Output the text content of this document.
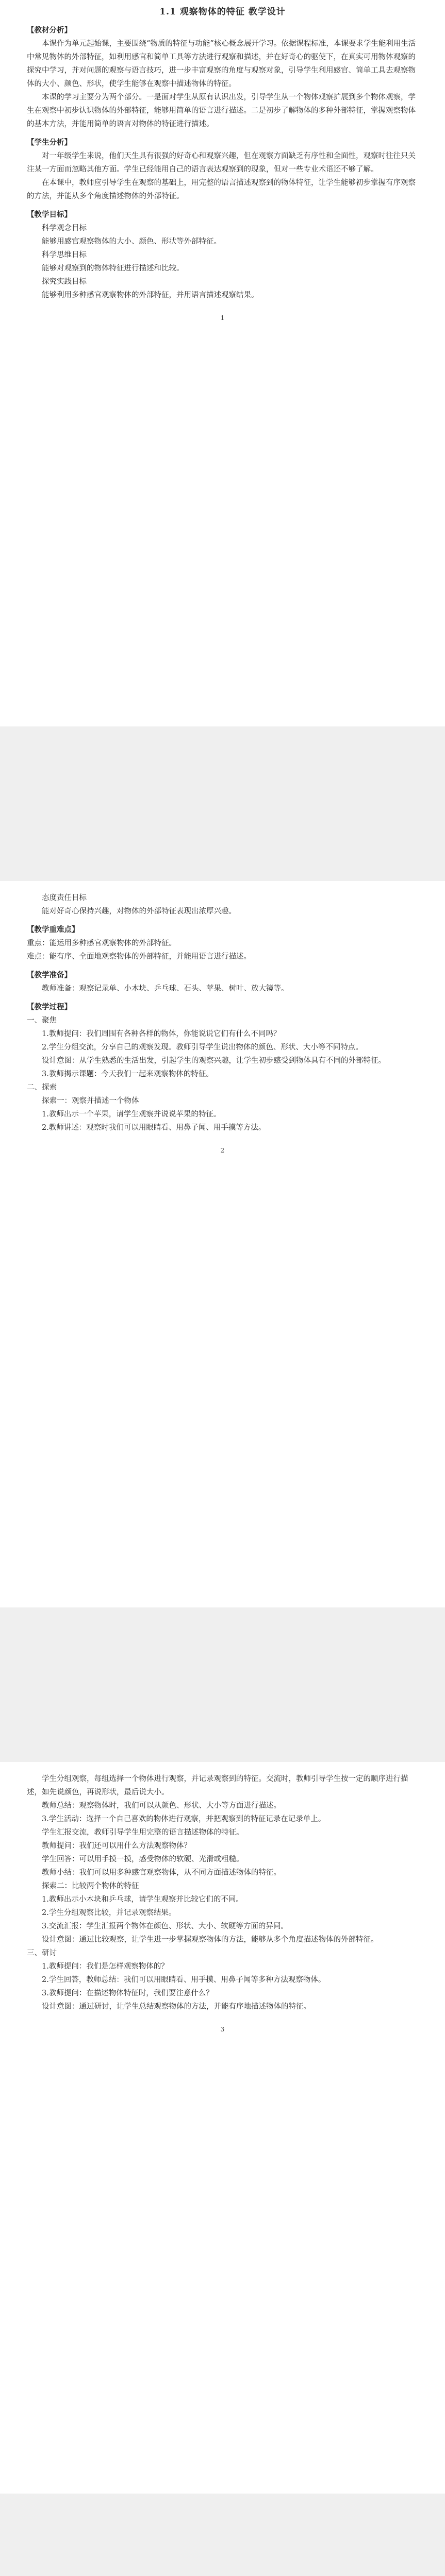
1.1 观察物体的特征 教学设计
【教材分析】

本课作为单元起始课，主要围绕“物质的特征与功能”核心概念展开学习。依据课程标准，本课要求学生能利用生活中常见物体的外部特征，如利用感官和简单工具等方法进行观察和描述，并在好奇心的驱使下，在真实可用物体观察的探究中学习，并对问题的观察与语言技巧，进一步丰富观察的角度与观察对象，引导学生利用感官、简单工具去观察物体的大小、颜色、形状，使学生能够在观察中描述物体的特征。

本课的学习主要分为两个部分。一是面对学生从原有认识出发，引导学生从一个物体观察扩展到多个物体观察，学生在观察中初步认识物体的外部特征，能够用简单的语言进行描述。二是初步了解物体的多种外部特征，掌握观察物体的基本方法，并能用简单的语言对物体的特征进行描述。

【学生分析】

对一年级学生来说，他们天生具有很强的好奇心和观察兴趣，但在观察方面缺乏有序性和全面性，观察时往往只关注某一方面而忽略其他方面。学生已经能用自己的语言表达观察到的现象，但对一些专业术语还不够了解。

在本课中，教师应引导学生在观察的基础上，用完整的语言描述观察到的物体特征，让学生能够初步掌握有序观察的方法，并能从多个角度描述物体的外部特征。

【教学目标】

科学观念目标

能够用感官观察物体的大小、颜色、形状等外部特征。

科学思维目标

能够对观察到的物体特征进行描述和比较。

探究实践目标

能够利用多种感官观察物体的外部特征，并用语言描述观察结果。

1

态度责任目标

能对好奇心保持兴趣，对物体的外部特征表现出浓厚兴趣。

【教学重难点】

重点：能运用多种感官观察物体的外部特征。

难点：能有序、全面地观察物体的外部特征，并能用语言进行描述。

【教学准备】

教师准备：观察记录单、小木块、乒乓球、石头、苹果、树叶、放大镜等。

【教学过程】

一、聚焦

1.教师提问：我们周围有各种各样的物体，你能说说它们有什么不同吗？

2.学生分组交流，分享自己的观察发现。教师引导学生说出物体的颜色、形状、大小等不同特点。

设计意图：从学生熟悉的生活出发，引起学生的观察兴趣，让学生初步感受到物体具有不同的外部特征。

3.教师揭示课题：今天我们一起来观察物体的特征。

二、探索

探索一：观察并描述一个物体

1.教师出示一个苹果，请学生观察并说说苹果的特征。

2.教师讲述：观察时我们可以用眼睛看、用鼻子闻、用手摸等方法。

2

学生分组观察，每组选择一个物体进行观察，并记录观察到的特征。交流时，教师引导学生按一定的顺序进行描述，如先说颜色，再说形状，最后说大小。

教师总结：观察物体时，我们可以从颜色、形状、大小等方面进行描述。

3.学生活动：选择一个自己喜欢的物体进行观察，并把观察到的特征记录在记录单上。

学生汇报交流，教师引导学生用完整的语言描述物体的特征。

教师提问：我们还可以用什么方法观察物体？

学生回答：可以用手摸一摸，感受物体的软硬、光滑或粗糙。

教师小结：我们可以用多种感官观察物体，从不同方面描述物体的特征。

探索二：比较两个物体的特征

1.教师出示小木块和乒乓球，请学生观察并比较它们的不同。

2.学生分组观察比较，并记录观察结果。

3.交流汇报：学生汇报两个物体在颜色、形状、大小、软硬等方面的异同。

设计意图：通过比较观察，让学生进一步掌握观察物体的方法，能够从多个角度描述物体的外部特征。

三、研讨

1.教师提问：我们是怎样观察物体的？

2.学生回答，教师总结：我们可以用眼睛看、用手摸、用鼻子闻等多种方法观察物体。

3.教师提问：在描述物体特征时，我们要注意什么？

设计意图：通过研讨，让学生总结观察物体的方法，并能有序地描述物体的特征。

3
